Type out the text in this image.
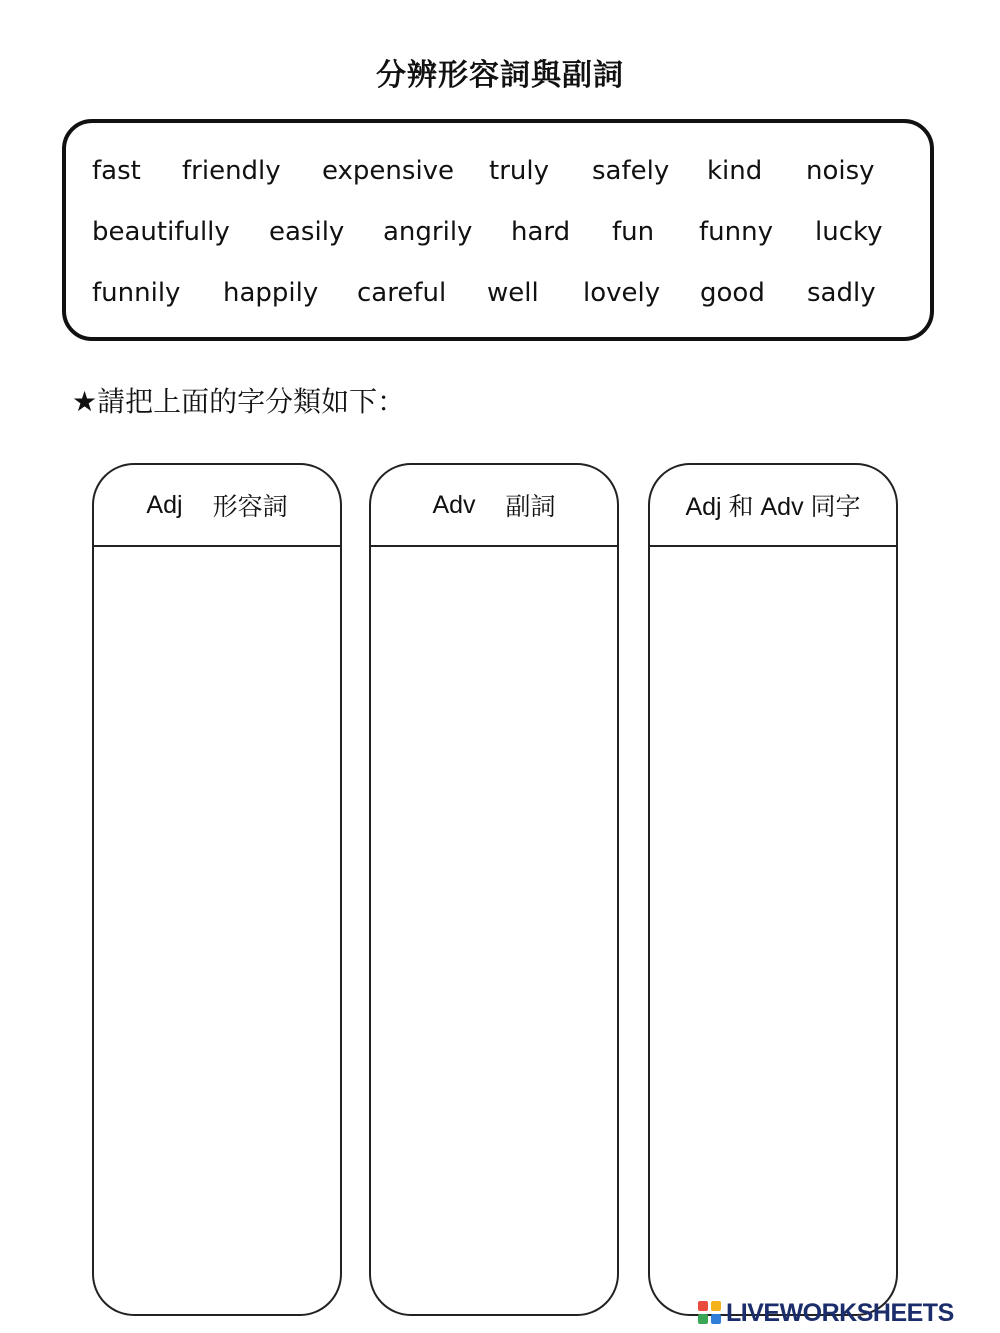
分辨形容詞與副詞
fast friendly expensive truly safely kind noisy
beautifully easily angrily hard fun funny lucky
funnily happily careful well lovely good sadly
★請把上面的字分類如下：
Adj 形容詞	Adv 副詞	Adj 和 Adv 同字
LIVEWORKSHEETS
